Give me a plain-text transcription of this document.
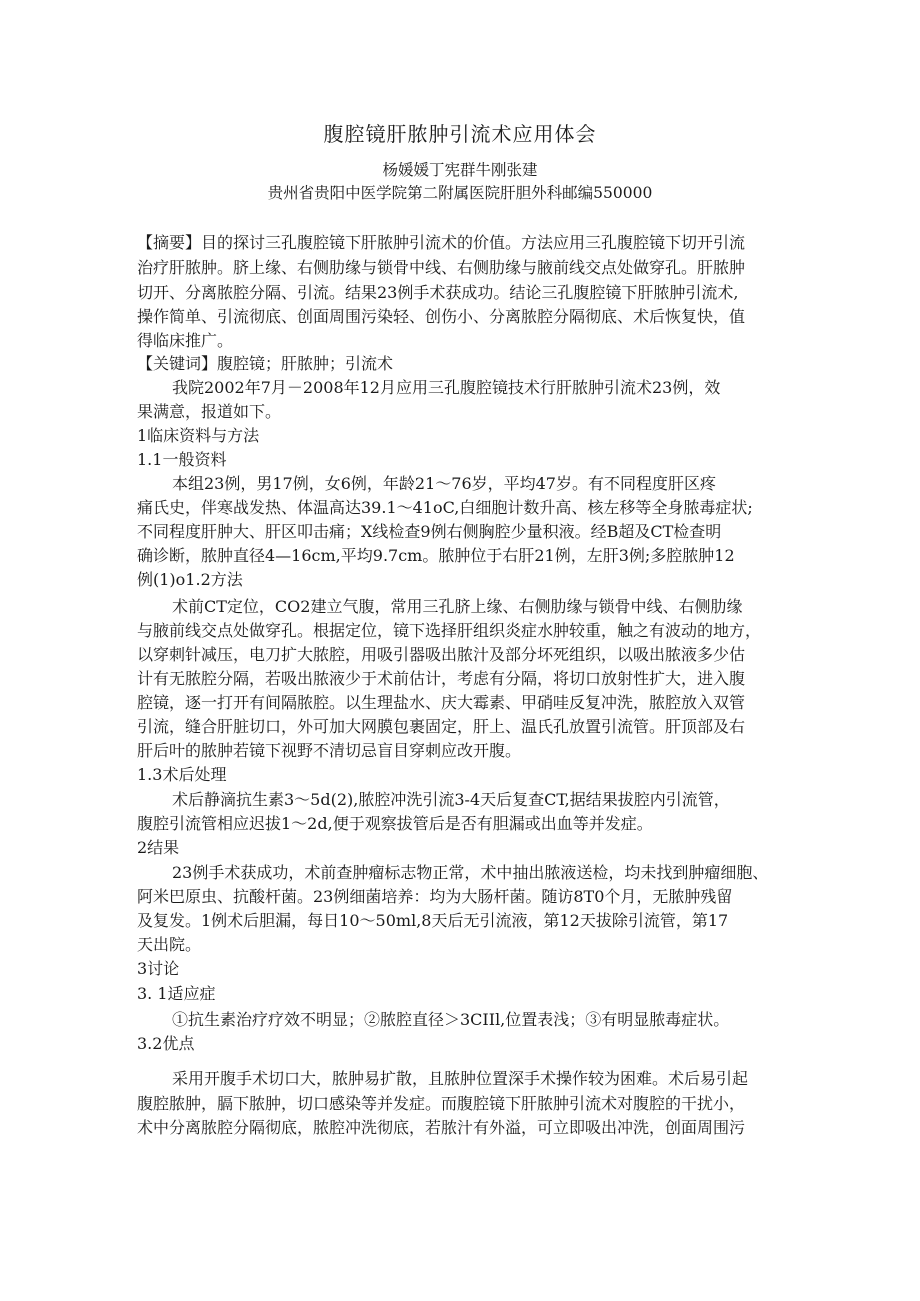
腹腔镜肝脓肿引流术应用体会
杨媛媛丁宪群牛刚张建
贵州省贵阳中医学院第二附属医院肝胆外科邮编550000
【摘要】目的探讨三孔腹腔镜下肝脓肿引流术的价值。方法应用三孔腹腔镜下切开引流
治疗肝脓肿。脐上缘、右侧肋缘与锁骨中线、右侧肋缘与腋前线交点处做穿孔。肝脓肿
切开、分离脓腔分隔、引流。结果23例手术获成功。结论三孔腹腔镜下肝脓肿引流术,
操作简单、引流彻底、创面周围污染轻、创伤小、分离脓腔分隔彻底、术后恢复快，值
得临床推广。
【关键词】腹腔镜；肝脓肿；引流术
我院2002年7月－2008年12月应用三孔腹腔镜技术行肝脓肿引流术23例，效
果满意，报道如下。
1临床资料与方法
1.1一般资料
本组23例，男17例，女6例，年龄21～76岁，平均47岁。有不同程度肝区疼
痛氏史，伴寒战发热、体温高达39.1～41oC,白细胞计数升高、核左移等全身脓毒症状;
不同程度肝肿大、肝区叩击痛；X线检查9例右侧胸腔少量积液。经B超及CT检查明
确诊断，脓肿直径4—16cm,平均9.7cm。脓肿位于右肝21例，左肝3例;多腔脓肿12
例(1)o1.2方法
术前CT定位，CO2建立气腹，常用三孔脐上缘、右侧肋缘与锁骨中线、右侧肋缘
与腋前线交点处做穿孔。根据定位，镜下选择肝组织炎症水肿较重，触之有波动的地方，
以穿刺针减压，电刀扩大脓腔，用吸引器吸出脓汁及部分坏死组织，以吸出脓液多少估
计有无脓腔分隔，若吸出脓液少于术前估计，考虑有分隔，将切口放射性扩大，进入腹
腔镜，逐一打开有间隔脓腔。以生理盐水、庆大霉素、甲硝哇反复冲洗，脓腔放入双管
引流，缝合肝脏切口，外可加大网膜包裹固定，肝上、温氏孔放置引流管。肝顶部及右
肝后叶的脓肿若镜下视野不清切忌盲目穿刺应改开腹。
1.3术后处理
术后静滴抗生素3～5d(2),脓腔冲洗引流3-4天后复查CT,据结果拔腔内引流管，
腹腔引流管相应迟拔1～2d,便于观察拔管后是否有胆漏或出血等并发症。
2结果
23例手术获成功，术前查肿瘤标志物正常，术中抽出脓液送检，均未找到肿瘤细胞、
阿米巴原虫、抗酸杆菌。23例细菌培养：均为大肠杆菌。随访8T0个月，无脓肿残留
及复发。1例术后胆漏，每日10～50ml,8天后无引流液，第12天拔除引流管，第17
天出院。
3讨论
3. 1适应症
①抗生素治疗疗效不明显；②脓腔直径＞3CIIl,位置表浅；③有明显脓毒症状。
3.2优点
采用开腹手术切口大，脓肿易扩散，且脓肿位置深手术操作较为困难。术后易引起
腹腔脓肿，膈下脓肿，切口感染等并发症。而腹腔镜下肝脓肿引流术对腹腔的干扰小，
术中分离脓腔分隔彻底，脓腔冲洗彻底，若脓汁有外溢，可立即吸出冲洗，创面周围污
